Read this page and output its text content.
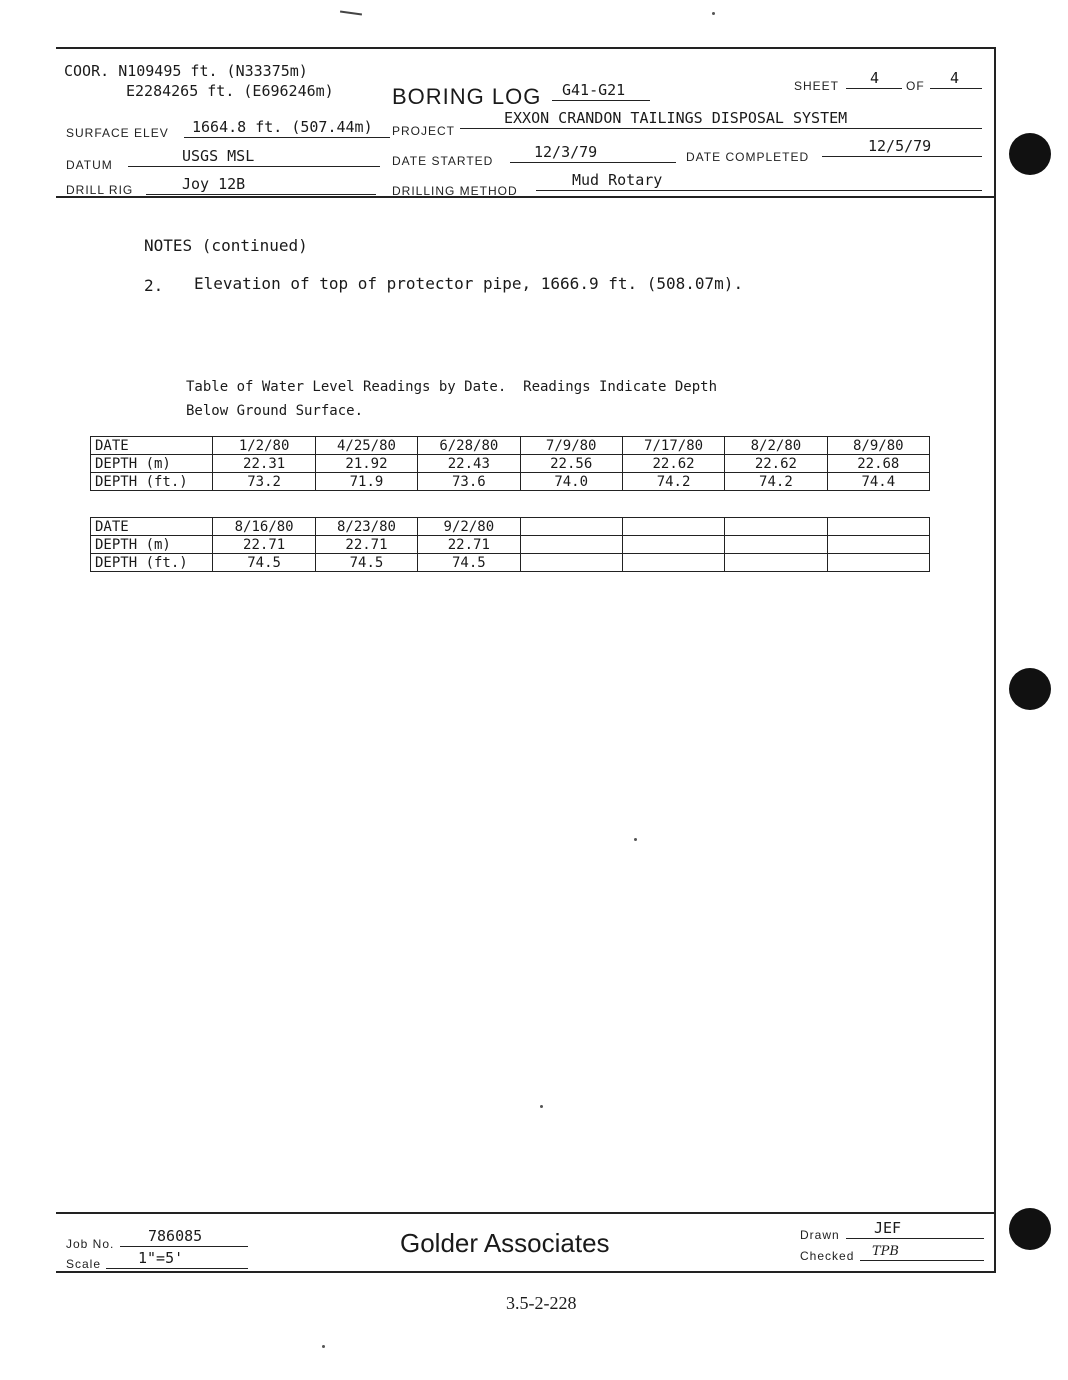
COOR. N109495 ft. (N33375m)
E2284265 ft. (E696246m)	BORING LOG G41-G21	SHEET 4 OF 4
SURFACE ELEV 1664.8 ft. (507.44m) PROJECT
EXXON CRANDON TAILINGS DISPOSAL SYSTEM
DATUM	USGS MSL	DATE STARTED	12/3/79	DATE COMPLETED
12/5/79
DRILL RIG	Joy 12B	DRILLING METHOD
Mud Rotary
NOTES (continued)
2. Elevation of top of protector pipe, 1666.9 ft. (508.07m).
Table of Water Level Readings by Date.  Readings Indicate Depth
Below Ground Surface.
DATE	1/2/80	4/25/80	6/28/80	7/9/80	7/17/80	8/2/80	8/9/80
DEPTH (m)	22.31	21.92	22.43	22.56	22.62	22.62	22.68
DEPTH (ft.)	73.2	71.9	73.6	74.0	74.2	74.2	74.4
DATE	8/16/80	8/23/80	9/2/80				
DEPTH (m)	22.71	22.71	22.71				
DEPTH (ft.)	74.5	74.5	74.5				
Job No. 786085
Scale 1"=5'	Golder Associates	Drawn JEF
Checked TPB
3.5-2-228
